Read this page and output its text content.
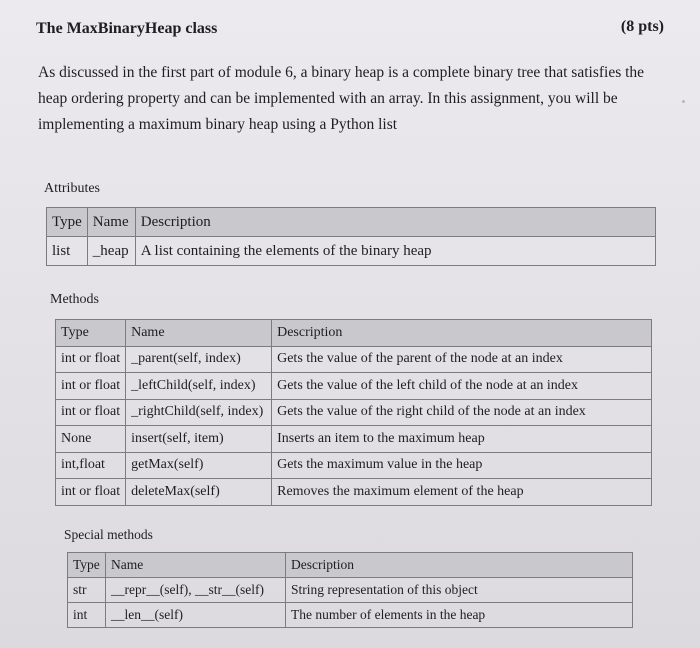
The MaxBinaryHeap class	(8 pts)
As discussed in the first part of module 6, a binary heap is a complete binary tree that satisfies the heap ordering property and can be implemented with an array. In this assignment, you will be implementing a maximum binary heap using a Python list
Attributes
Type	Name	Description
list	_heap	A list containing the elements of the binary heap
Methods
Type	Name	Description
int or float	_parent(self, index)	Gets the value of the parent of the node at an index
int or float	_leftChild(self, index)	Gets the value of the left child of the node at an index
int or float	_rightChild(self, index)	Gets the value of the right child of the node at an index
None	insert(self, item)	Inserts an item to the maximum heap
int,float	getMax(self)	Gets the maximum value in the heap
int or float	deleteMax(self)	Removes the maximum element of the heap
Special methods
Type	Name	Description
str	__repr__(self), __str__(self)	String representation of this object
int	__len__(self)	The number of elements in the heap
